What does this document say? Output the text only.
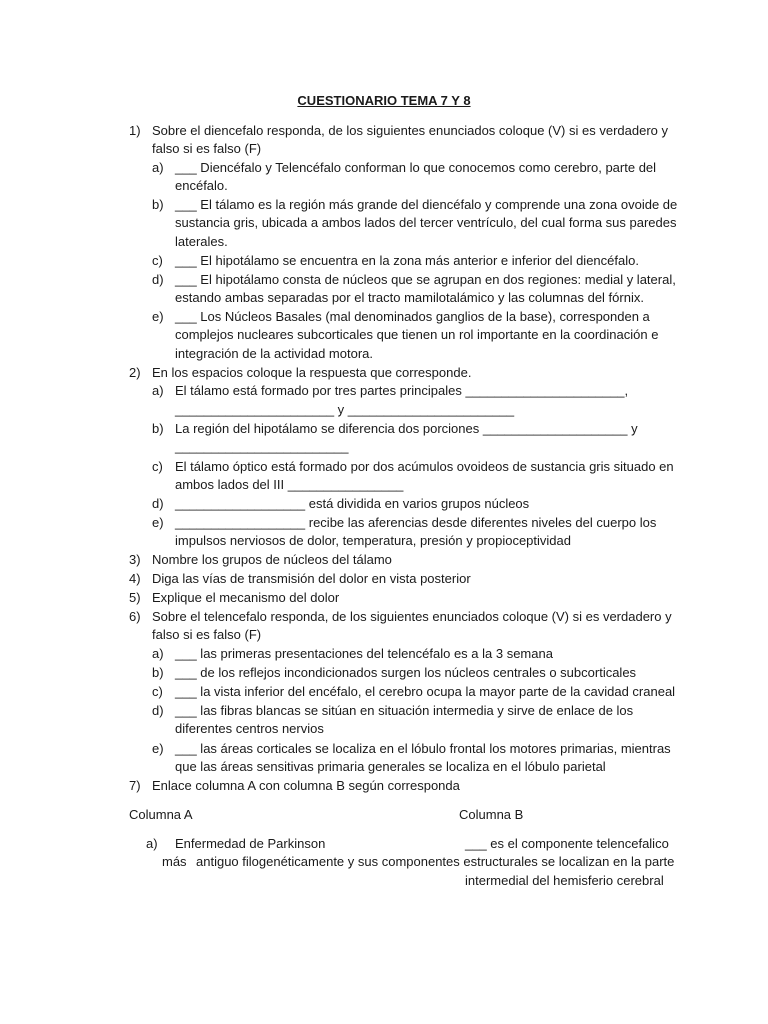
CUESTIONARIO TEMA 7 Y 8
1) Sobre el diencefalo responda, de los siguientes enunciados coloque (V) si es verdadero y
falso si es falso (F)
a) ___ Diencéfalo y Telencéfalo conforman lo que conocemos como cerebro, parte del
encéfalo.
b) ___ El tálamo es la región más grande del diencéfalo y comprende una zona ovoide de
sustancia gris, ubicada a ambos lados del tercer ventrículo, del cual forma sus paredes
laterales.
c) ___ El hipotálamo se encuentra en la zona más anterior e inferior del diencéfalo.
d) ___ El hipotálamo consta de núcleos que se agrupan en dos regiones: medial y lateral,
estando ambas separadas por el tracto mamilotalámico y las columnas del fórnix.
e) ___ Los Núcleos Basales (mal denominados ganglios de la base), corresponden a
complejos nucleares subcorticales que tienen un rol importante en la coordinación e
integración de la actividad motora.
2) En los espacios coloque la respuesta que corresponde.
a) El tálamo está formado por tres partes principales ______________________,
______________________ y _______________________
b) La región del hipotálamo se diferencia dos porciones ____________________ y
________________________
c) El tálamo óptico está formado por dos acúmulos ovoideos de sustancia gris situado en
ambos lados del III ________________
d) __________________ está dividida en varios grupos núcleos
e) __________________ recibe las aferencias desde diferentes niveles del cuerpo los
impulsos nerviosos de dolor, temperatura, presión y propioceptividad
3) Nombre los grupos de núcleos del tálamo
4) Diga las vías de transmisión del dolor en vista posterior
5) Explique el mecanismo del dolor
6) Sobre el telencefalo responda, de los siguientes enunciados coloque (V) si es verdadero y
falso si es falso (F)
a) ___ las primeras presentaciones del telencéfalo es a la 3 semana
b) ___ de los reflejos incondicionados surgen los núcleos centrales o subcorticales
c) ___ la vista inferior del encéfalo, el cerebro ocupa la mayor parte de la cavidad craneal
d) ___ las fibras blancas se sitúan en situación intermedia y sirve de enlace de los
diferentes centros nervios
e) ___ las áreas corticales se localiza en el lóbulo frontal los motores primarias, mientras
que las áreas sensitivas primaria generales se localiza en el lóbulo parietal
7) Enlace columna A con columna B según corresponda
Columna A	Columna B
a) Enfermedad de Parkinson	___ es el componente telencefalico
más antiguo filogenéticamente y sus componentes estructurales se localizan en la parte
intermedial del hemisferio cerebral
